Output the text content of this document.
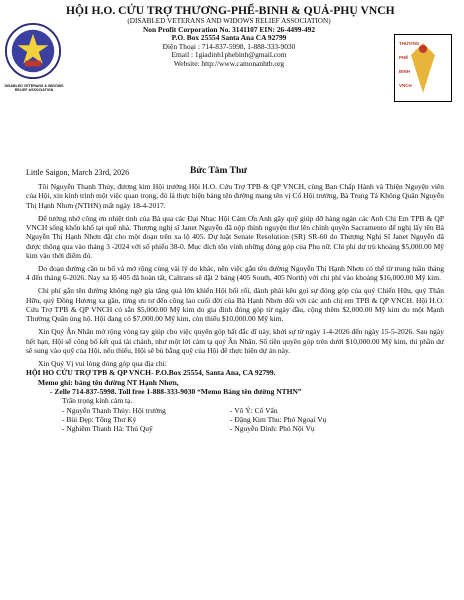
DISABLED VETERANS & WIDOWS RELIEF ASSOCIATION
THƯƠNG
PHẾ
BINH
VNCH
HỘI H.O. CỨU TRỢ THƯƠNG-PHẾ-BINH & QUẢ-PHỤ VNCH
(DISABLED VETERANS AND WIDOWS RELIEF ASSOCIATION)
Non Profit Corporation No. 3141107 EIN: 26-4499-492
P.O. Box 25554 Santa Ana CA 92799
Điện Thoại : 714-837-5998, 1-888-333-9030
Email : 1giadinh1phebinh@gmail.com
Website: http://www.camonanhtb.org
Little Saigon, March 23rd, 2026	Bức Tâm Thư

Tôi Nguyễn Thanh Thủy, đương kim Hội trưởng Hội H.O. Cứu Trợ TPB & QP VNCH, cùng Ban Chấp Hành và Thiện Nguyện viên của Hội, xin kính trình một việc quan trọng, đó là thực hiện bảng tên đường mang tên vị Cố Hội trưởng, Bà Trung Tá Không Quân Nguyễn Thị Hạnh Nhơn (NTHN) mất ngày 18-4-2017.

Để tưởng nhớ công ơn nhiệt tình của Bà qua các Đại Nhạc Hội Cám Ơn Anh gây quỹ giúp đỡ hàng ngàn các Anh Chị Em TPB & QP VNCH sống khốn khổ tại quê nhà. Thượng nghị sĩ Janet Nguyễn đã nộp thỉnh nguyện thư lên chính quyền Sacramento để nghị lấy tên Bà Nguyễn Thị Hạnh Nhơn đặt cho một đoạn trên xa lộ 405. Dự luật Senate Resolution (SR) SR-60 do Thượng Nghị Sĩ Janet Nguyễn đã được thông qua vào tháng 3 -2024 với số phiếu 38-0. Mục đích tôn vinh những đóng góp của Phụ nữ. Chi phí dự trù khoảng $5,000.00 Mỹ kim vào thời điểm đó.

Do đoạn đường cần tu bổ và mở rộng cùng vài lý do khác, nên việc gắn tên đường Nguyễn Thị Hạnh Nhơn có thể từ trung tuần tháng 4 đến tháng 6-2026. Nay xa lộ 405 đã hoàn tất, Caltrans sẽ đặt 2 bảng (405 South, 405 North) với chi phí vào khoảng $16,000.00 Mỹ kim.

Chi phí gắn tên đường không ngờ gia tăng quá lớn khiến Hội bối rối, đành phải kêu gọi sự đóng góp của quý Chiến Hữu, quý Thân Hữu, quý Đồng Hương xa gần, từng ưu tư đến công lao cuối đời của Bà Hạnh Nhơn đối với các anh chị em TPB & QP VNCH. Hội H.O. Cứu Trợ TPB & QP VNCH có sẵn $5,000.00 Mỹ kim do gia đình đóng góp từ ngày đầu, cộng thêm $2,000.00 Mỹ kim do một Mạnh Thường Quân ủng hộ. Hội đang có $7,000.00 Mỹ kim, còn thiếu $10,000.00 Mỹ kim.

Xin Quý Ân Nhân mở rộng vòng tay giúp cho việc quyên góp bất đắc dĩ này, khởi sự từ ngày 1-4-2026 đến ngày 15-5-2026. Sau ngày hết hạn, Hội sẽ công bố kết quả tài chánh, như một lời cám tạ quý Ân Nhân. Số tiền quyên góp trên dưới $10,000.00 Mỹ kim, thì phần dư sẽ sung vào quỹ của Hội, nếu thiếu, Hội sẽ bù bằng quỹ của Hội để thực hiện dự án này.

Xin Quý Vị vui lòng đóng góp qua địa chỉ:
HỘI HO CỨU TRỢ TPB & QP VNCH- P.O.Box 25554, Santa Ana, CA 92799.
Memo ghi: bảng tên đường NT Hạnh Nhơn,
- Zelle 714-837-5998. Toll free 1-888-333-9030 “Memo Bảng tên đường NTHN”
Trân trọng kính cảm tạ.
- Nguyễn Thanh Thủy: Hội trưởng	- Võ Ý: Cố Vấn
- Bùi Đẹp: Tổng Thư Ký	- Đặng Kim Thu: Phó Ngoại Vụ
- Nghiêm Thanh Hà: Thủ Quỹ	- Nguyễn Dinh: Phó Nội Vụ
